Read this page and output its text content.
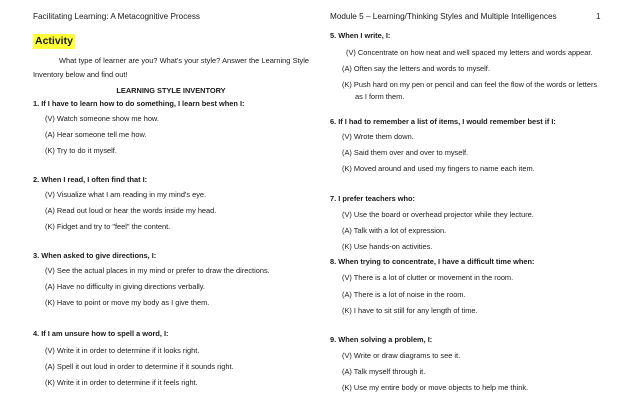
Facilitating Learning: A Metacognitive Process	Module 5 – Learning/Thinking Styles and Multiple Intelligences	1
Activity
What type of learner are you? What's your style? Answer the Learning Style Inventory below and find out!
LEARNING STYLE INVENTORY
1. If I have to learn how to do something, I learn best when I:
(V) Watch someone show me how.
(A) Hear someone tell me how.
(K) Try to do it myself.
2. When I read, I often find that I:
(V) Visualize what I am reading in my mind's eye.
(A) Read out loud or hear the words inside my head.
(K) Fidget and try to "feel" the content.
3. When asked to give directions, I:
(V) See the actual places in my mind or prefer to draw the directions.
(A) Have no difficulty in giving directions verbally.
(K) Have to point or move my body as I give them.
4. If I am unsure how to spell a word, I:
(V) Write it in order to determine if it looks right.
(A) Spell it out loud in order to determine if it sounds right.
(K) Write it in order to determine if it feels right.
5. When I write, I:
(V) Concentrate on how neat and well spaced my letters and words appear.
(A) Often say the letters and words to myself.
(K) Push hard on my pen or pencil and can feel the flow of the words or letters as I form them.
6. If I had to remember a list of items, I would remember best if I:
(V) Wrote them down.
(A) Said them over and over to myself.
(K) Moved around and used my fingers to name each item.
7. I prefer teachers who:
(V) Use the board or overhead projector while they lecture.
(A) Talk with a lot of expression.
(K) Use hands-on activities.
8. When trying to concentrate, I have a difficult time when:
(V) There is a lot of clutter or movement in the room.
(A) There is a lot of noise in the room.
(K) I have to sit still for any length of time.
9. When solving a problem, I:
(V) Write or draw diagrams to see it.
(A) Talk myself through it.
(K) Use my entire body or move objects to help me think.
